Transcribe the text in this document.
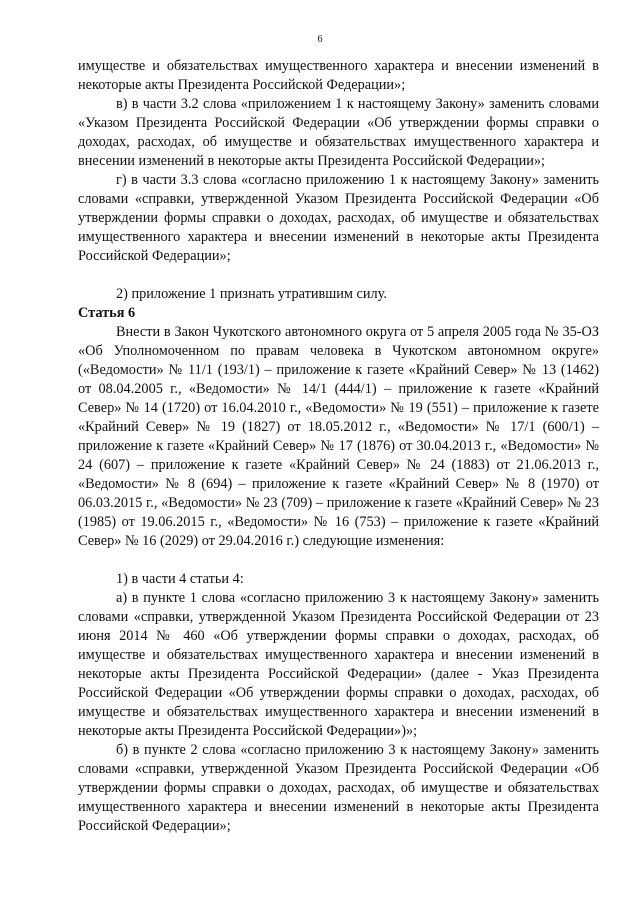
6

имуществе и обязательствах имущественного характера и внесении изменений в некоторые акты Президента Российской Федерации»;

в) в части 3.2 слова «приложением 1 к настоящему Закону» заменить словами «Указом Президента Российской Федерации «Об утверждении формы справки о доходах, расходах, об имуществе и обязательствах имущественного характера и внесении изменений в некоторые акты Президента Российской Федерации»;

г) в части 3.3 слова «согласно приложению 1 к настоящему Закону» заменить словами «справки, утвержденной Указом Президента Российской Федерации «Об утверждении формы справки о доходах, расходах, об имуществе и обязательствах имущественного характера и внесении изменений в некоторые акты Президента Российской Федерации»;

2) приложение 1 признать утратившим силу.

Статья 6

Внести в Закон Чукотского автономного округа от 5 апреля 2005 года № 35-ОЗ «Об Уполномоченном по правам человека в Чукотском автономном округе» («Ведомости» № 11/1 (193/1) – приложение к газете «Крайний Север» № 13 (1462) от 08.04.2005 г., «Ведомости» № 14/1 (444/1) – приложение к газете «Крайний Север» № 14 (1720) от 16.04.2010 г., «Ведомости» № 19 (551) – приложение к газете «Крайний Север» № 19 (1827) от 18.05.2012 г., «Ведомости» № 17/1 (600/1) – приложение к газете «Крайний Север» № 17 (1876) от 30.04.2013 г., «Ведомости» № 24 (607) – приложение к газете «Крайний Север» № 24 (1883) от 21.06.2013 г., «Ведомости» № 8 (694) – приложение к газете «Крайний Север» № 8 (1970) от 06.03.2015 г., «Ведомости» № 23 (709) – приложение к газете «Крайний Север» № 23 (1985) от 19.06.2015 г., «Ведомости» № 16 (753) – приложение к газете «Крайний Север» № 16 (2029) от 29.04.2016 г.) следующие изменения:

1) в части 4 статьи 4:

а) в пункте 1 слова «согласно приложению 3 к настоящему Закону» заменить словами «справки, утвержденной Указом Президента Российской Федерации от 23 июня 2014 № 460 «Об утверждении формы справки о доходах, расходах, об имуществе и обязательствах имущественного характера и внесении изменений в некоторые акты Президента Российской Федерации» (далее - Указ Президента Российской Федерации «Об утверждении формы справки о доходах, расходах, об имуществе и обязательствах имущественного характера и внесении изменений в некоторые акты Президента Российской Федерации»)»;

б) в пункте 2 слова «согласно приложению 3 к настоящему Закону» заменить словами «справки, утвержденной Указом Президента Российской Федерации «Об утверждении формы справки о доходах, расходах, об имуществе и обязательствах имущественного характера и внесении изменений в некоторые акты Президента Российской Федерации»;
